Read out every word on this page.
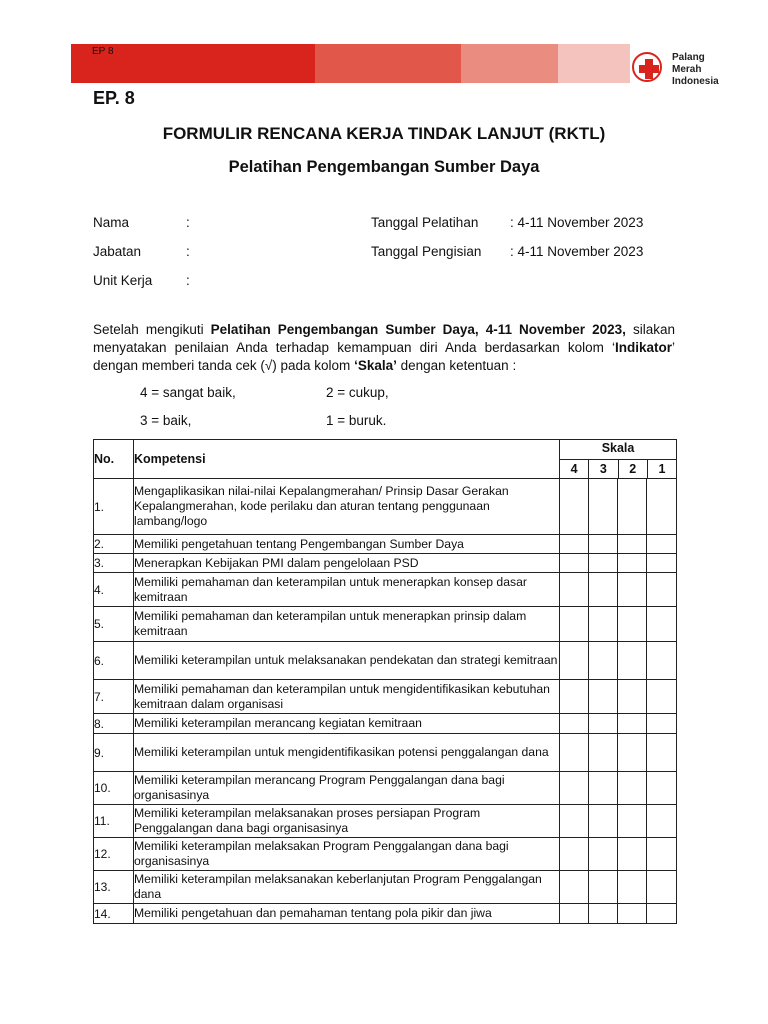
EP 8
Palang
Merah
Indonesia
EP. 8
FORMULIR RENCANA KERJA TINDAK LANJUT (RKTL)
Pelatihan Pengembangan Sumber Daya
Nama	:
Jabatan	:
Unit Kerja :
Tanggal Pelatihan : 4-11 November 2023
Tanggal Pengisian : 4-11 November 2023
Setelah mengikuti Pelatihan Pengembangan Sumber Daya, 4-11 November 2023, silakan menyatakan penilaian Anda terhadap kemampuan diri Anda berdasarkan kolom ‘Indikator’ dengan memberi tanda cek (√) pada kolom ‘Skala’ dengan ketentuan :
4 = sangat baik,	2 = cukup,
3 = baik,	1 = buruk.
No.	Kompetensi	Skala
4 3 2 1			

1.	Mengaplikasikan nilai-nilai Kepalangmerahan/ Prinsip Dasar Gerakan Kepalangmerahan, kode perilaku dan aturan tentang penggunaan lambang/logo				
2.	Memiliki pengetahuan tentang Pengembangan Sumber Daya				
3.	Menerapkan Kebijakan PMI dalam pengelolaan PSD				
4.	Memiliki pemahaman dan keterampilan untuk menerapkan konsep dasar kemitraan				
5.	Memiliki pemahaman dan keterampilan untuk menerapkan prinsip dalam kemitraan				
6.	Memiliki keterampilan untuk melaksanakan pendekatan dan strategi kemitraan				
7.	Memiliki pemahaman dan keterampilan untuk mengidentifikasikan kebutuhan kemitraan dalam organisasi				
8.	Memiliki keterampilan merancang kegiatan kemitraan				
9.	Memiliki keterampilan untuk mengidentifikasikan potensi penggalangan dana				
10.	Memiliki keterampilan merancang Program Penggalangan dana bagi organisasinya				
11.	Memiliki keterampilan melaksanakan proses persiapan Program Penggalangan dana bagi organisasinya				
12.	Memiliki keterampilan melaksakan Program Penggalangan dana bagi organisasinya				
13.	Memiliki keterampilan melaksanakan keberlanjutan Program Penggalangan dana				
14.	Memiliki pengetahuan dan pemahaman tentang pola pikir dan jiwa				
